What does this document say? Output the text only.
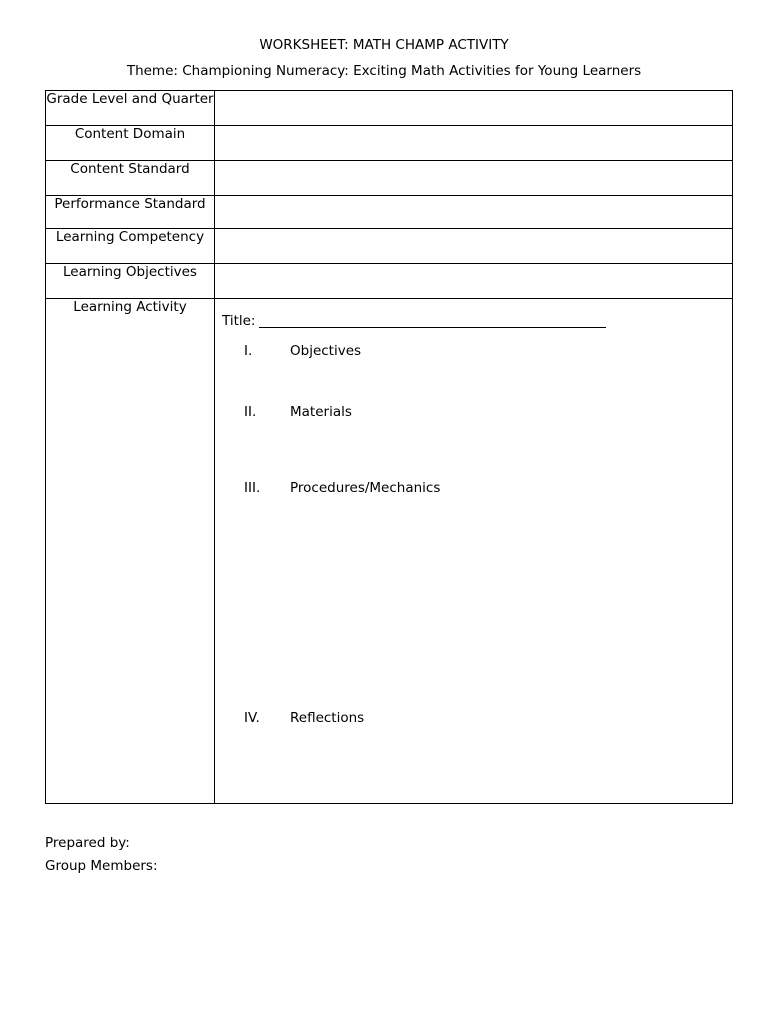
WORKSHEET: MATH CHAMP ACTIVITY
Theme: Championing Numeracy: Exciting Math Activities for Young Learners
Grade Level and Quarter	
Content Domain	
Content Standard	
Performance Standard	
Learning Competency	
Learning Objectives	
Learning Activity	Title:
I. Objectives
II. Materials
III. Procedures/Mechanics
IV. Reflections
Prepared by:
Group Members:
